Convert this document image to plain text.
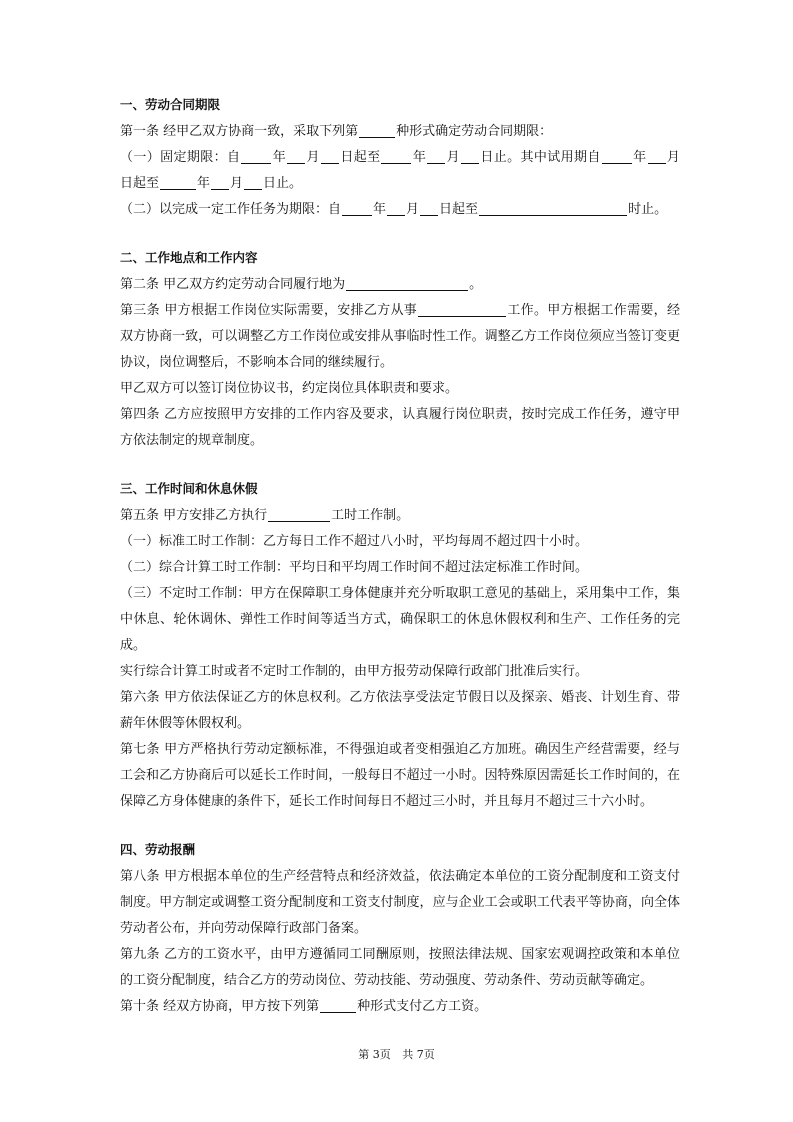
一、劳动合同期限
第一条 经甲乙双方协商一致，采取下列第	种形式确定劳动合同期限：
（一）固定期限：自 年 月 日起至 年 月 日止。其中试用期自 年 月日起至	年 月 日止。
（二）以完成一定工作任务为期限：自 年 月 日起至	时止。
二、工作地点和工作内容
第二条 甲乙双方约定劳动合同履行地为	。
第三条 甲方根据工作岗位实际需要，安排乙方从事	工作。甲方根据工作需要，经双方协商一致，可以调整乙方工作岗位或安排从事临时性工作。调整乙方工作岗位须应当签订变更协议，岗位调整后，不影响本合同的继续履行。
甲乙双方可以签订岗位协议书，约定岗位具体职责和要求。
第四条 乙方应按照甲方安排的工作内容及要求，认真履行岗位职责，按时完成工作任务，遵守甲方依法制定的规章制度。
三、工作时间和休息休假
第五条 甲方安排乙方执行	工时工作制。
（一）标准工时工作制：乙方每日工作不超过八小时，平均每周不超过四十小时。
（二）综合计算工时工作制：平均日和平均周工作时间不超过法定标准工作时间。
（三）不定时工作制：甲方在保障职工身体健康并充分听取职工意见的基础上，采用集中工作，集中休息、轮休调休、弹性工作时间等适当方式，确保职工的休息休假权利和生产、工作任务的完成。
实行综合计算工时或者不定时工作制的，由甲方报劳动保障行政部门批准后实行。
第六条 甲方依法保证乙方的休息权利。乙方依法享受法定节假日以及探亲、婚丧、计划生育、带薪年休假等休假权利。
第七条 甲方严格执行劳动定额标准，不得强迫或者变相强迫乙方加班。确因生产经营需要，经与工会和乙方协商后可以延长工作时间，一般每日不超过一小时。因特殊原因需延长工作时间的，在保障乙方身体健康的条件下，延长工作时间每日不超过三小时，并且每月不超过三十六小时。
四、劳动报酬
第八条 甲方根据本单位的生产经营特点和经济效益，依法确定本单位的工资分配制度和工资支付制度。甲方制定或调整工资分配制度和工资支付制度，应与企业工会或职工代表平等协商，向全体劳动者公布，并向劳动保障行政部门备案。
第九条 乙方的工资水平，由甲方遵循同工同酬原则，按照法律法规、国家宏观调控政策和本单位的工资分配制度，结合乙方的劳动岗位、劳动技能、劳动强度、劳动条件、劳动贡献等确定。
第十条 经双方协商，甲方按下列第	种形式支付乙方工资。
第 3页 共 7页
